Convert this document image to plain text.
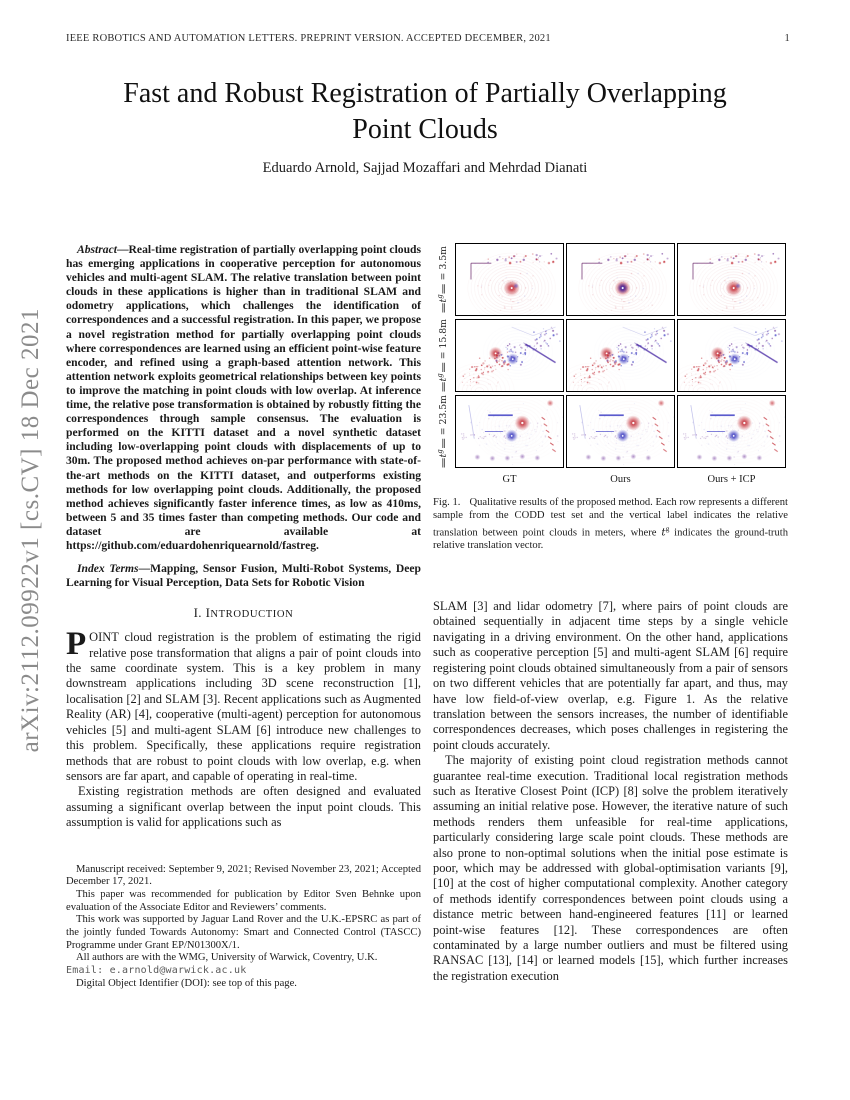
IEEE ROBOTICS AND AUTOMATION LETTERS. PREPRINT VERSION. ACCEPTED DECEMBER, 2021	1
arXiv:2112.09922v1 [cs.CV] 18 Dec 2021
Fast and Robust Registration of Partially Overlapping Point Clouds
Eduardo Arnold, Sajjad Mozaffari and Mehrdad Dianati

Abstract—Real-time registration of partially overlapping point clouds has emerging applications in cooperative perception for autonomous vehicles and multi-agent SLAM. The relative translation between point clouds in these applications is higher than in traditional SLAM and odometry applications, which challenges the identification of correspondences and a successful registration. In this paper, we propose a novel registration method for partially overlapping point clouds where correspondences are learned using an efficient point-wise feature encoder, and refined using a graph-based attention network. This attention network exploits geometrical relationships between key points to improve the matching in point clouds with low overlap. At inference time, the relative pose transformation is obtained by robustly fitting the correspondences through sample consensus. The evaluation is performed on the KITTI dataset and a novel synthetic dataset including low-overlapping point clouds with displacements of up to 30m. The proposed method achieves on-par performance with state-of-the-art methods on the KITTI dataset, and outperforms existing methods for low overlapping point clouds. Additionally, the proposed method achieves significantly faster inference times, as low as 410ms, between 5 and 35 times faster than competing methods. Our code and dataset are available at https://github.com/eduardohenriquearnold/fastreg.

Index Terms—Mapping, Sensor Fusion, Multi-Robot Systems, Deep Learning for Visual Perception, Data Sets for Robotic Vision

I. INTRODUCTION

POINT cloud registration is the problem of estimating the rigid relative pose transformation that aligns a pair of point clouds into the same coordinate system. This is a key problem in many downstream applications including 3D scene reconstruction [1], localisation [2] and SLAM [3]. Recent applications such as Augmented Reality (AR) [4], cooperative (multi-agent) perception for autonomous vehicles [5] and multi-agent SLAM [6] introduce new challenges to this problem. Specifically, these applications require registration methods that are robust to point clouds with low overlap, e.g. when sensors are far apart, and capable of operating in real-time.

Existing registration methods are often designed and evaluated assuming a significant overlap between the input point clouds. This assumption is valid for applications such as

Manuscript received: September 9, 2021; Revised November 23, 2021; Accepted December 17, 2021.

This paper was recommended for publication by Editor Sven Behnke upon evaluation of the Associate Editor and Reviewers’ comments.

This work was supported by Jaguar Land Rover and the U.K.-EPSRC as part of the jointly funded Towards Autonomy: Smart and Connected Control (TASCC) Programme under Grant EP/N01300X/1.

All authors are with the WMG, University of Warwick, Coventry, U.K.

Email: e.arnold@warwick.ac.uk

Digital Object Identifier (DOI): see top of this page.

$‖t^g‖ = 3.5m$
$‖t^g‖ = 15.8m$
$‖t^g‖ = 23.5m$
GT	Ours	Ours + ICP

Fig. 1. Qualitative results of the proposed method. Each row represents a different sample from the CODD test set and the vertical label indicates the relative translation between point clouds in meters, where $t^g$ indicates the ground-truth relative translation vector.

SLAM [3] and lidar odometry [7], where pairs of point clouds are obtained sequentially in adjacent time steps by a single vehicle navigating in a driving environment. On the other hand, applications such as cooperative perception [5] and multi-agent SLAM [6] require registering point clouds obtained simultaneously from a pair of sensors on two different vehicles that are potentially far apart, and thus, may have low field-of-view overlap, e.g. Figure 1. As the relative translation between the sensors increases, the number of identifiable correspondences decreases, which poses challenges in registering the point clouds accurately.

The majority of existing point cloud registration methods cannot guarantee real-time execution. Traditional local registration methods such as Iterative Closest Point (ICP) [8] solve the problem iteratively assuming an initial relative pose. However, the iterative nature of such methods renders them unfeasible for real-time applications, particularly considering large scale point clouds. These methods are also prone to non-optimal solutions when the initial pose estimate is poor, which may be addressed with global-optimisation variants [9], [10] at the cost of higher computational complexity. Another category of methods identify correspondences between point clouds using a distance metric between hand-engineered features [11] or learned point-wise features [12]. These correspondences are often contaminated by a large number outliers and must be filtered using RANSAC [13], [14] or learned models [15], which further increases the registration execution
